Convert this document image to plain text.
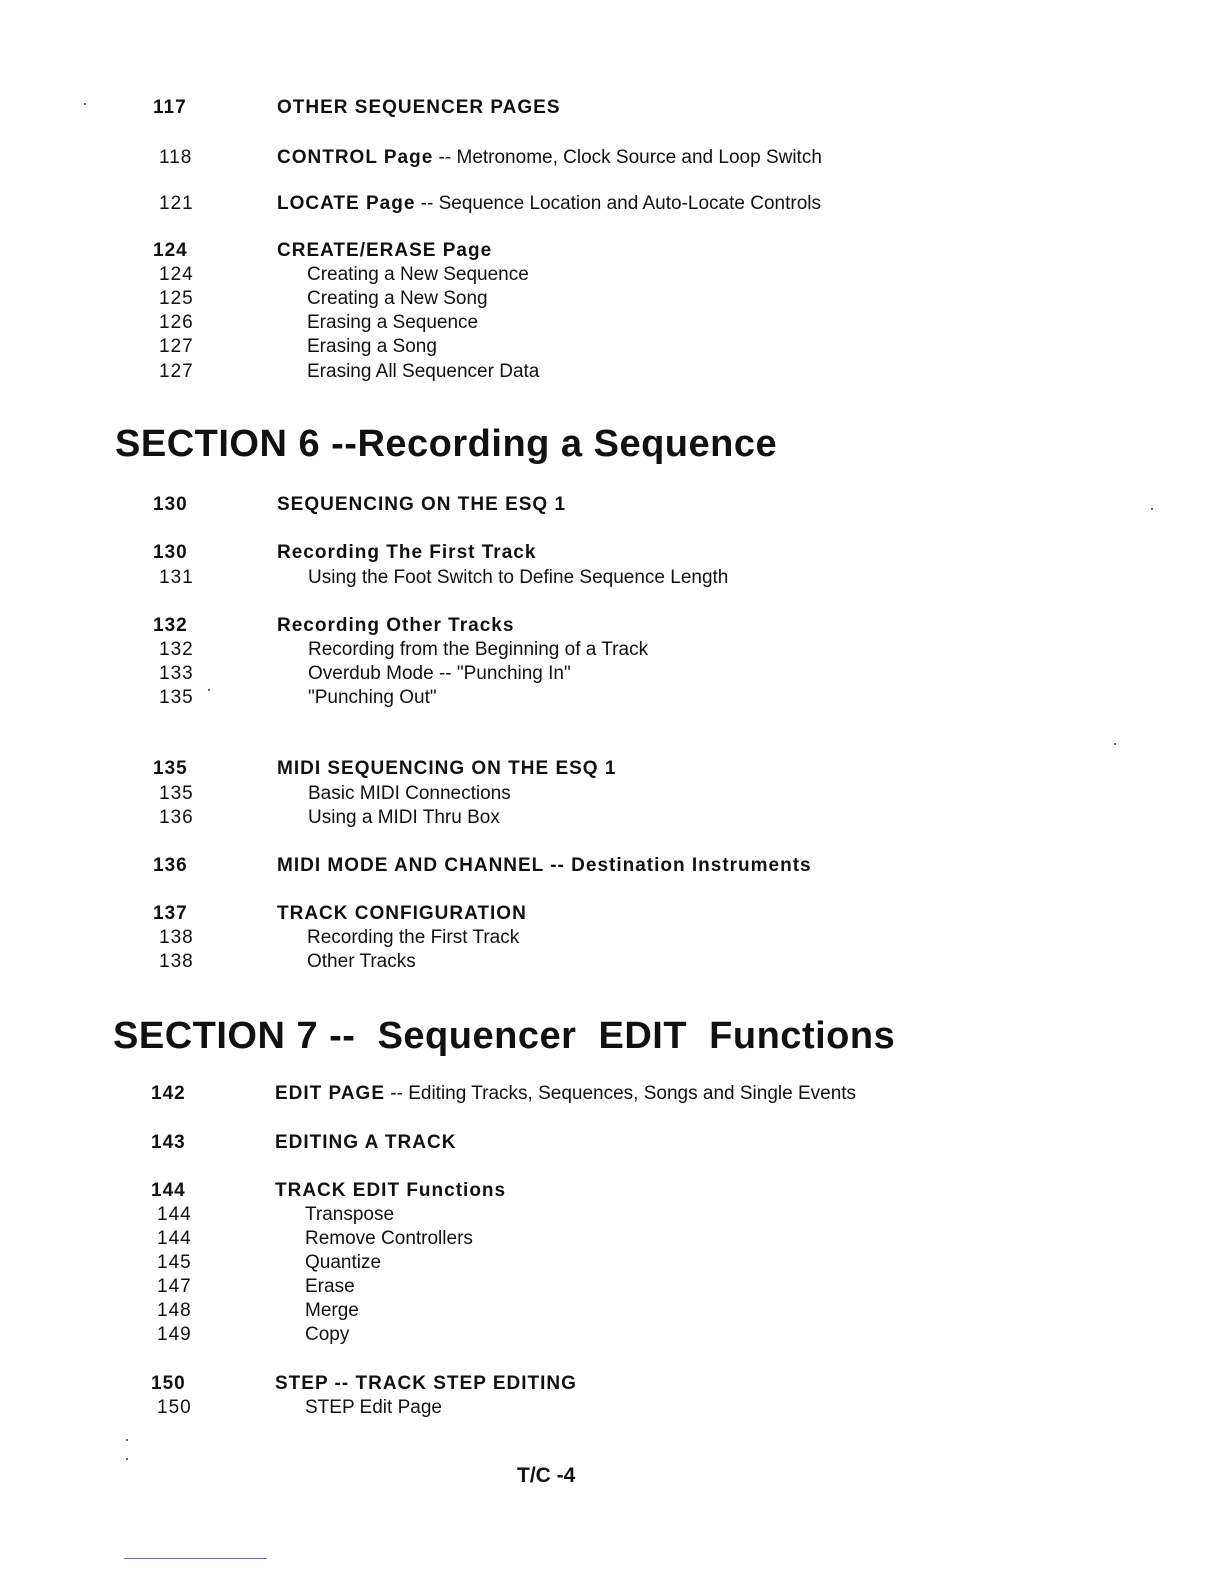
117	OTHER SEQUENCER PAGES
118	CONTROL Page -- Metronome, Clock Source and Loop Switch
121	LOCATE Page -- Sequence Location and Auto-Locate Controls
124	CREATE/ERASE Page
124	Creating a New Sequence
125	Creating a New Song
126	Erasing a Sequence
127	Erasing a Song
127	Erasing All Sequencer Data
SECTION 6 --Recording a Sequence
130	SEQUENCING ON THE ESQ 1
130	Recording The First Track
131	Using the Foot Switch to Define Sequence Length
132	Recording Other Tracks
132	Recording from the Beginning of a Track
133	Overdub Mode -- "Punching In"
135	"Punching Out"
135	MIDI SEQUENCING ON THE ESQ 1
135	Basic MIDI Connections
136	Using a MIDI Thru Box
136	MIDI MODE AND CHANNEL -- Destination Instruments
137	TRACK CONFIGURATION
138	Recording the First Track
138	Other Tracks
SECTION 7 --  Sequencer  EDIT  Functions
142	EDIT PAGE -- Editing Tracks, Sequences, Songs and Single Events
143	EDITING A TRACK
144	TRACK EDIT Functions
144	Transpose
144	Remove Controllers
145	Quantize
147	Erase
148	Merge
149	Copy
150	STEP -- TRACK STEP EDITING
150	STEP Edit Page
T/C -4
